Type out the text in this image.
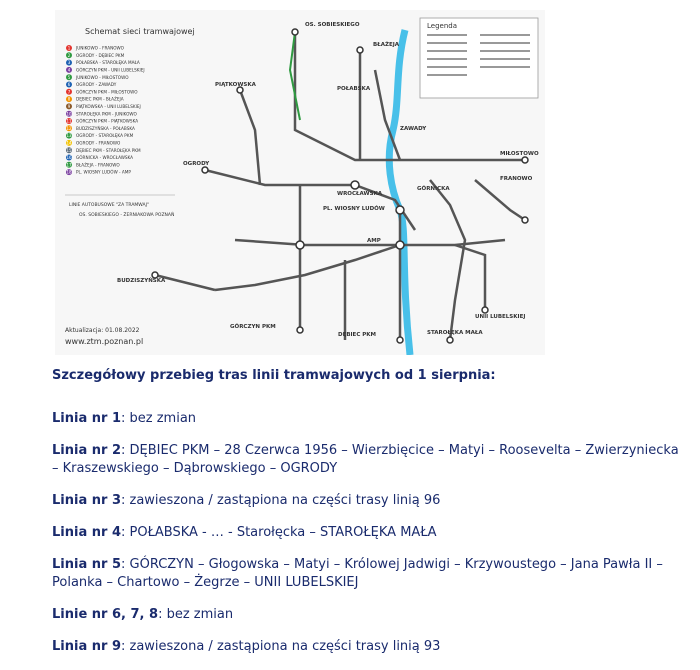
Schemat sieci tramwajowej
Legenda
1 JUNIKOWO - FRANOWO
2 OGRODY - DĘBIEC PKM
3 POŁABSKA - STAROŁĘKA MAŁA
4 GÓRCZYN PKM - UNII LUBELSKIEJ
5 JUNIKOWO - MIŁOSTOWO
6 OGRODY - ZAWADY
7 GÓRCZYN PKM - MIŁOSTOWO
8 DĘBIEC PKM - BŁAŻEJA
9 PIĄTKOWSKA - UNII LUBELSKIEJ
10 STAROŁĘKA PKM - JUNIKOWO
11 GÓRCZYN PKM - PIĄTKOWSKA
12 BUDZISZYŃSKA - POŁABSKA
13 OGRODY - STAROŁĘKA PKM
14 OGRODY - FRANOWO
15 DĘBIEC PKM - STAROŁĘKA PKM
16 GÓRNICKA - WROCŁAWSKA
17 BŁAŻEJA - FRANOWO
18 PL. WIOSNY LUDÓW - AMP
OS. SOBIESKIEGO
PIĄTKOWSKA
BŁAŻEJA
POŁABSKA
ZAWADY
MIŁOSTOWO
OGRODY
FRANOWO
WROCŁAWSKA
PL. WIOSNY LUDÓW
GÓRNICKA
BUDZISZYŃSKA
GÓRCZYN PKM
DĘBIEC PKM	STAROŁĘKA MAŁA
UNII LUBELSKIEJ
AMP
LINIE AUTOBUSOWE "ZA TRAMWAJ"
OS. SOBIESKIEGO - ŻERNIAKOWA POZNAŃ
Aktualizacja: 01.08.2022
www.ztm.poznan.pl
Szczegółowy przebieg tras linii tramwajowych od 1 sierpnia:
Linia nr 1: bez zmian
Linia nr 2: DĘBIEC PKM – 28 Czerwca 1956 – Wierzbięcice – Matyi – Roosevelta – Zwierzyniecka – Kraszewskiego – Dąbrowskiego – OGRODY
Linia nr 3: zawieszona / zastąpiona na części trasy linią 96
Linia nr 4: POŁABSKA - … - Starołęcka – STAROŁĘKA MAŁA
Linia nr 5: GÓRCZYN – Głogowska – Matyi – Królowej Jadwigi – Krzywoustego – Jana Pawła II – Polanka – Chartowo – Żegrze – UNII LUBELSKIEJ
Linie nr 6, 7, 8: bez zmian
Linia nr 9: zawieszona / zastąpiona na części trasy linią 93
